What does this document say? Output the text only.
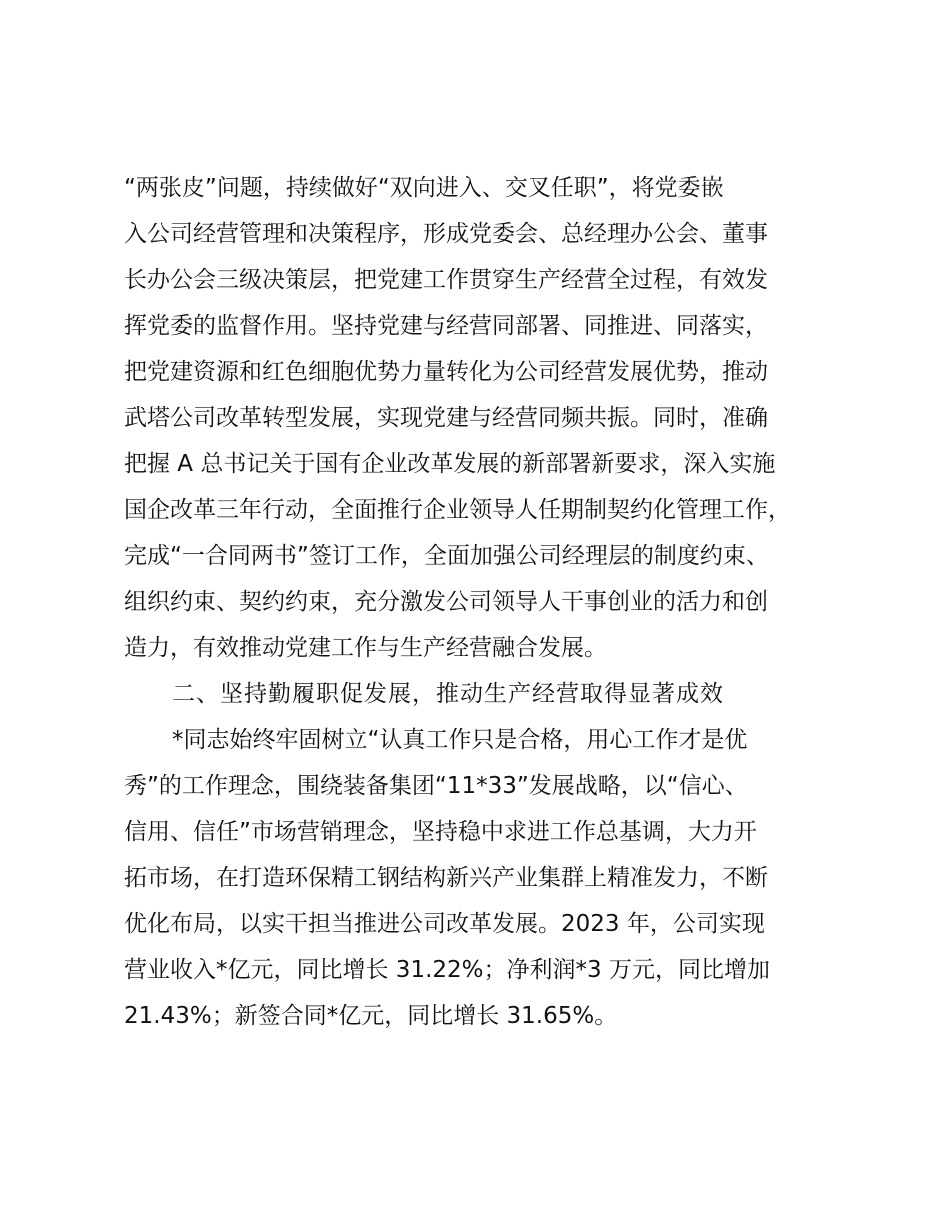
“两张皮”问题，持续做好“双向进入、交叉任职”，将党委嵌
入公司经营管理和决策程序，形成党委会、总经理办公会、董事
长办公会三级决策层，把党建工作贯穿生产经营全过程，有效发
挥党委的监督作用。坚持党建与经营同部署、同推进、同落实，
把党建资源和红色细胞优势力量转化为公司经营发展优势，推动
武塔公司改革转型发展，实现党建与经营同频共振。同时，准确
把握 A 总书记关于国有企业改革发展的新部署新要求，深入实施
国企改革三年行动，全面推行企业领导人任期制契约化管理工作，
完成“一合同两书”签订工作，全面加强公司经理层的制度约束、
组织约束、契约约束，充分激发公司领导人干事创业的活力和创
造力，有效推动党建工作与生产经营融合发展。
二、坚持勤履职促发展，推动生产经营取得显著成效
*同志始终牢固树立“认真工作只是合格，用心工作才是优
秀”的工作理念，围绕装备集团“11*33”发展战略，以“信心、
信用、信任”市场营销理念，坚持稳中求进工作总基调，大力开
拓市场，在打造环保精工钢结构新兴产业集群上精准发力，不断
优化布局，以实干担当推进公司改革发展。2023 年，公司实现
营业收入*亿元，同比增长 31.22%；净利润*3 万元，同比增加
21.43%；新签合同*亿元，同比增长 31.65%。
